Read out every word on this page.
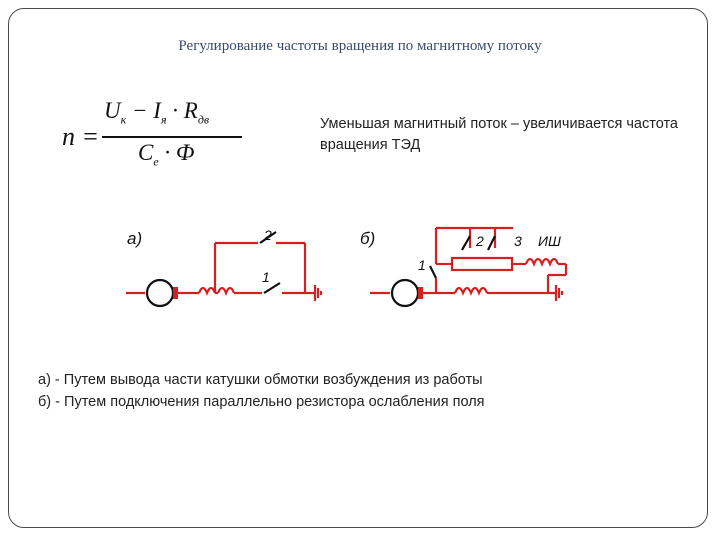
Регулирование частоты вращения по магнитному потоку
n =
$U_к - I_я \cdot R_{дв}$
$C_е \cdot Ф$
Уменьшая магнитный поток – увеличивается частота вращения ТЭД
a)	2
1
б)
1
2 3 ИШ
а) - Путем вывода части катушки обмотки возбуждения из работы
б) - Путем подключения параллельно резистора ослабления поля
